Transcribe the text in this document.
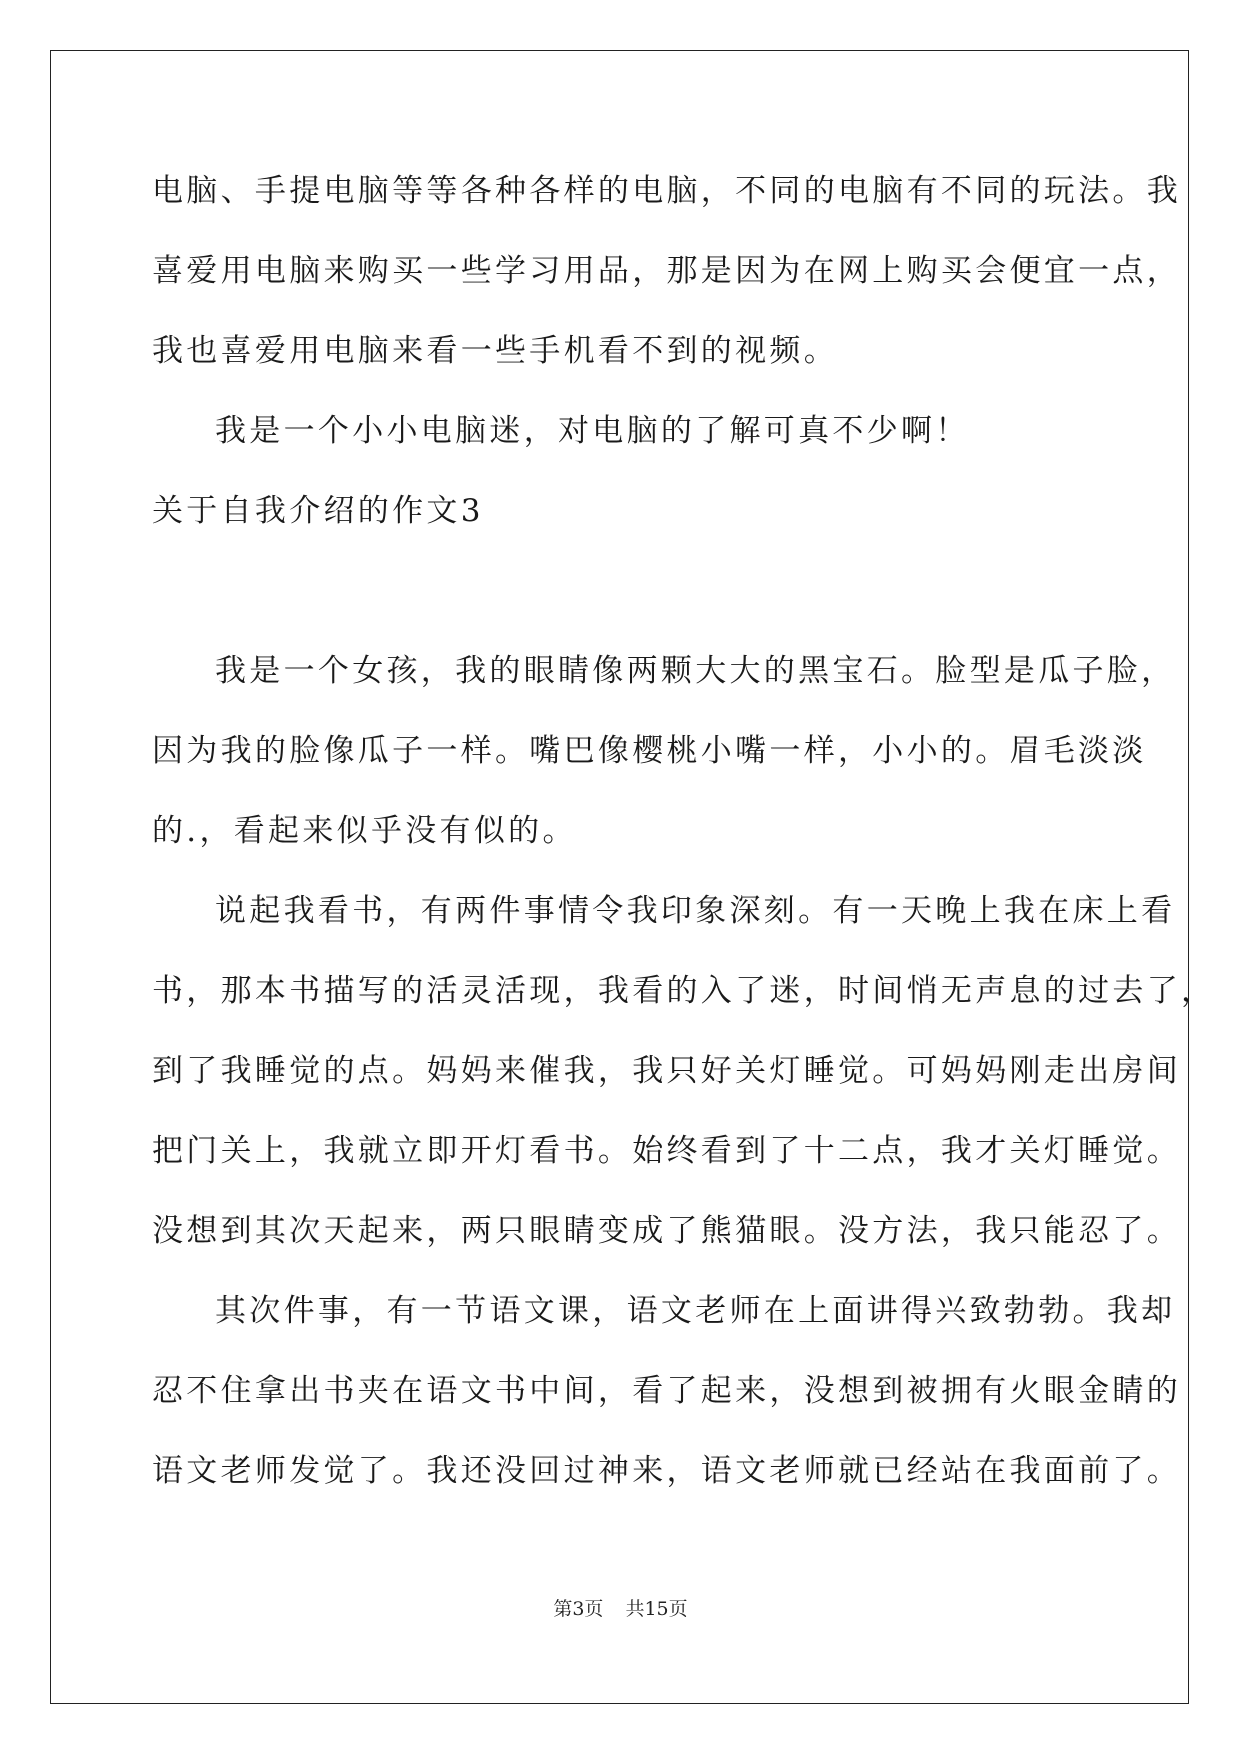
电脑、手提电脑等等各种各样的电脑，不同的电脑有不同的玩法。我
喜爱用电脑来购买一些学习用品，那是因为在网上购买会便宜一点，
我也喜爱用电脑来看一些手机看不到的视频。
我是一个小小电脑迷，对电脑的了解可真不少啊！
关于自我介绍的作文3
我是一个女孩，我的眼睛像两颗大大的黑宝石。脸型是瓜子脸，
因为我的脸像瓜子一样。嘴巴像樱桃小嘴一样，小小的。眉毛淡淡
的.，看起来似乎没有似的。
说起我看书，有两件事情令我印象深刻。有一天晚上我在床上看
书，那本书描写的活灵活现，我看的入了迷，时间悄无声息的过去了，
到了我睡觉的点。妈妈来催我，我只好关灯睡觉。可妈妈刚走出房间
把门关上，我就立即开灯看书。始终看到了十二点，我才关灯睡觉。
没想到其次天起来，两只眼睛变成了熊猫眼。没方法，我只能忍了。
其次件事，有一节语文课，语文老师在上面讲得兴致勃勃。我却
忍不住拿出书夹在语文书中间，看了起来，没想到被拥有火眼金睛的
语文老师发觉了。我还没回过神来，语文老师就已经站在我面前了。
第3页 共15页
